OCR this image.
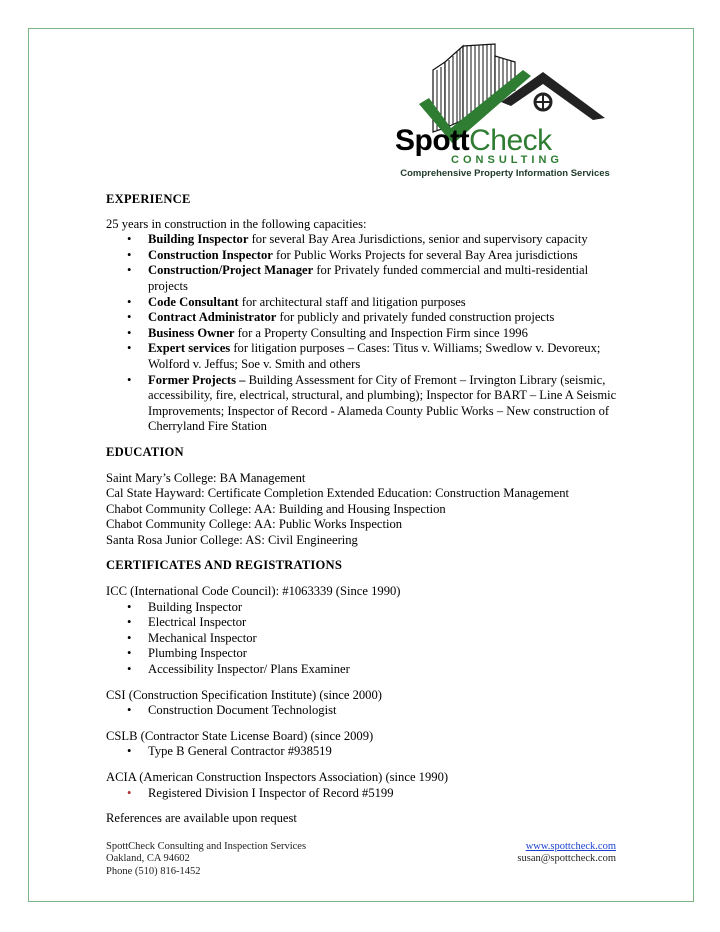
SpottCheck
CONSULTING
Comprehensive Property Information Services
EXPERIENCE

25 years in construction in the following capacities:

• Building Inspector for several Bay Area Jurisdictions, senior and supervisory capacity
• Construction Inspector for Public Works Projects for several Bay Area jurisdictions
• Construction/Project Manager for Privately funded commercial and multi-residential projects
• Code Consultant for architectural staff and litigation purposes
• Contract Administrator for publicly and privately funded construction projects
• Business Owner for a Property Consulting and Inspection Firm since 1996
• Expert services for litigation purposes – Cases: Titus v. Williams; Swedlow v. Devoreux; Wolford v. Jeffus; Soe v. Smith and others
• Former Projects – Building Assessment for City of Fremont – Irvington Library (seismic, accessibility, fire, electrical, structural, and plumbing); Inspector for BART – Line A Seismic Improvements; Inspector of Record - Alameda County Public Works – New construction of Cherryland Fire Station
EDUCATION

Saint Mary’s College: BA Management

Cal State Hayward: Certificate Completion Extended Education: Construction Management

Chabot Community College: AA: Building and Housing Inspection

Chabot Community College: AA: Public Works Inspection

Santa Rosa Junior College: AS: Civil Engineering

CERTIFICATES AND REGISTRATIONS

ICC (International Code Council): #1063339 (Since 1990)

• Building Inspector
• Electrical Inspector
• Mechanical Inspector
• Plumbing Inspector
• Accessibility Inspector/ Plans Examiner

CSI (Construction Specification Institute) (since 2000)

• Construction Document Technologist

CSLB (Contractor State License Board) (since 2009)

• Type B General Contractor #938519

ACIA (American Construction Inspectors Association) (since 1990)

• Registered Division I Inspector of Record #5199

References are available upon request

SpottCheck Consulting and Inspection Services
Oakland, CA 94602
Phone (510) 816-1452
www.spottcheck.com
susan@spottcheck.com
